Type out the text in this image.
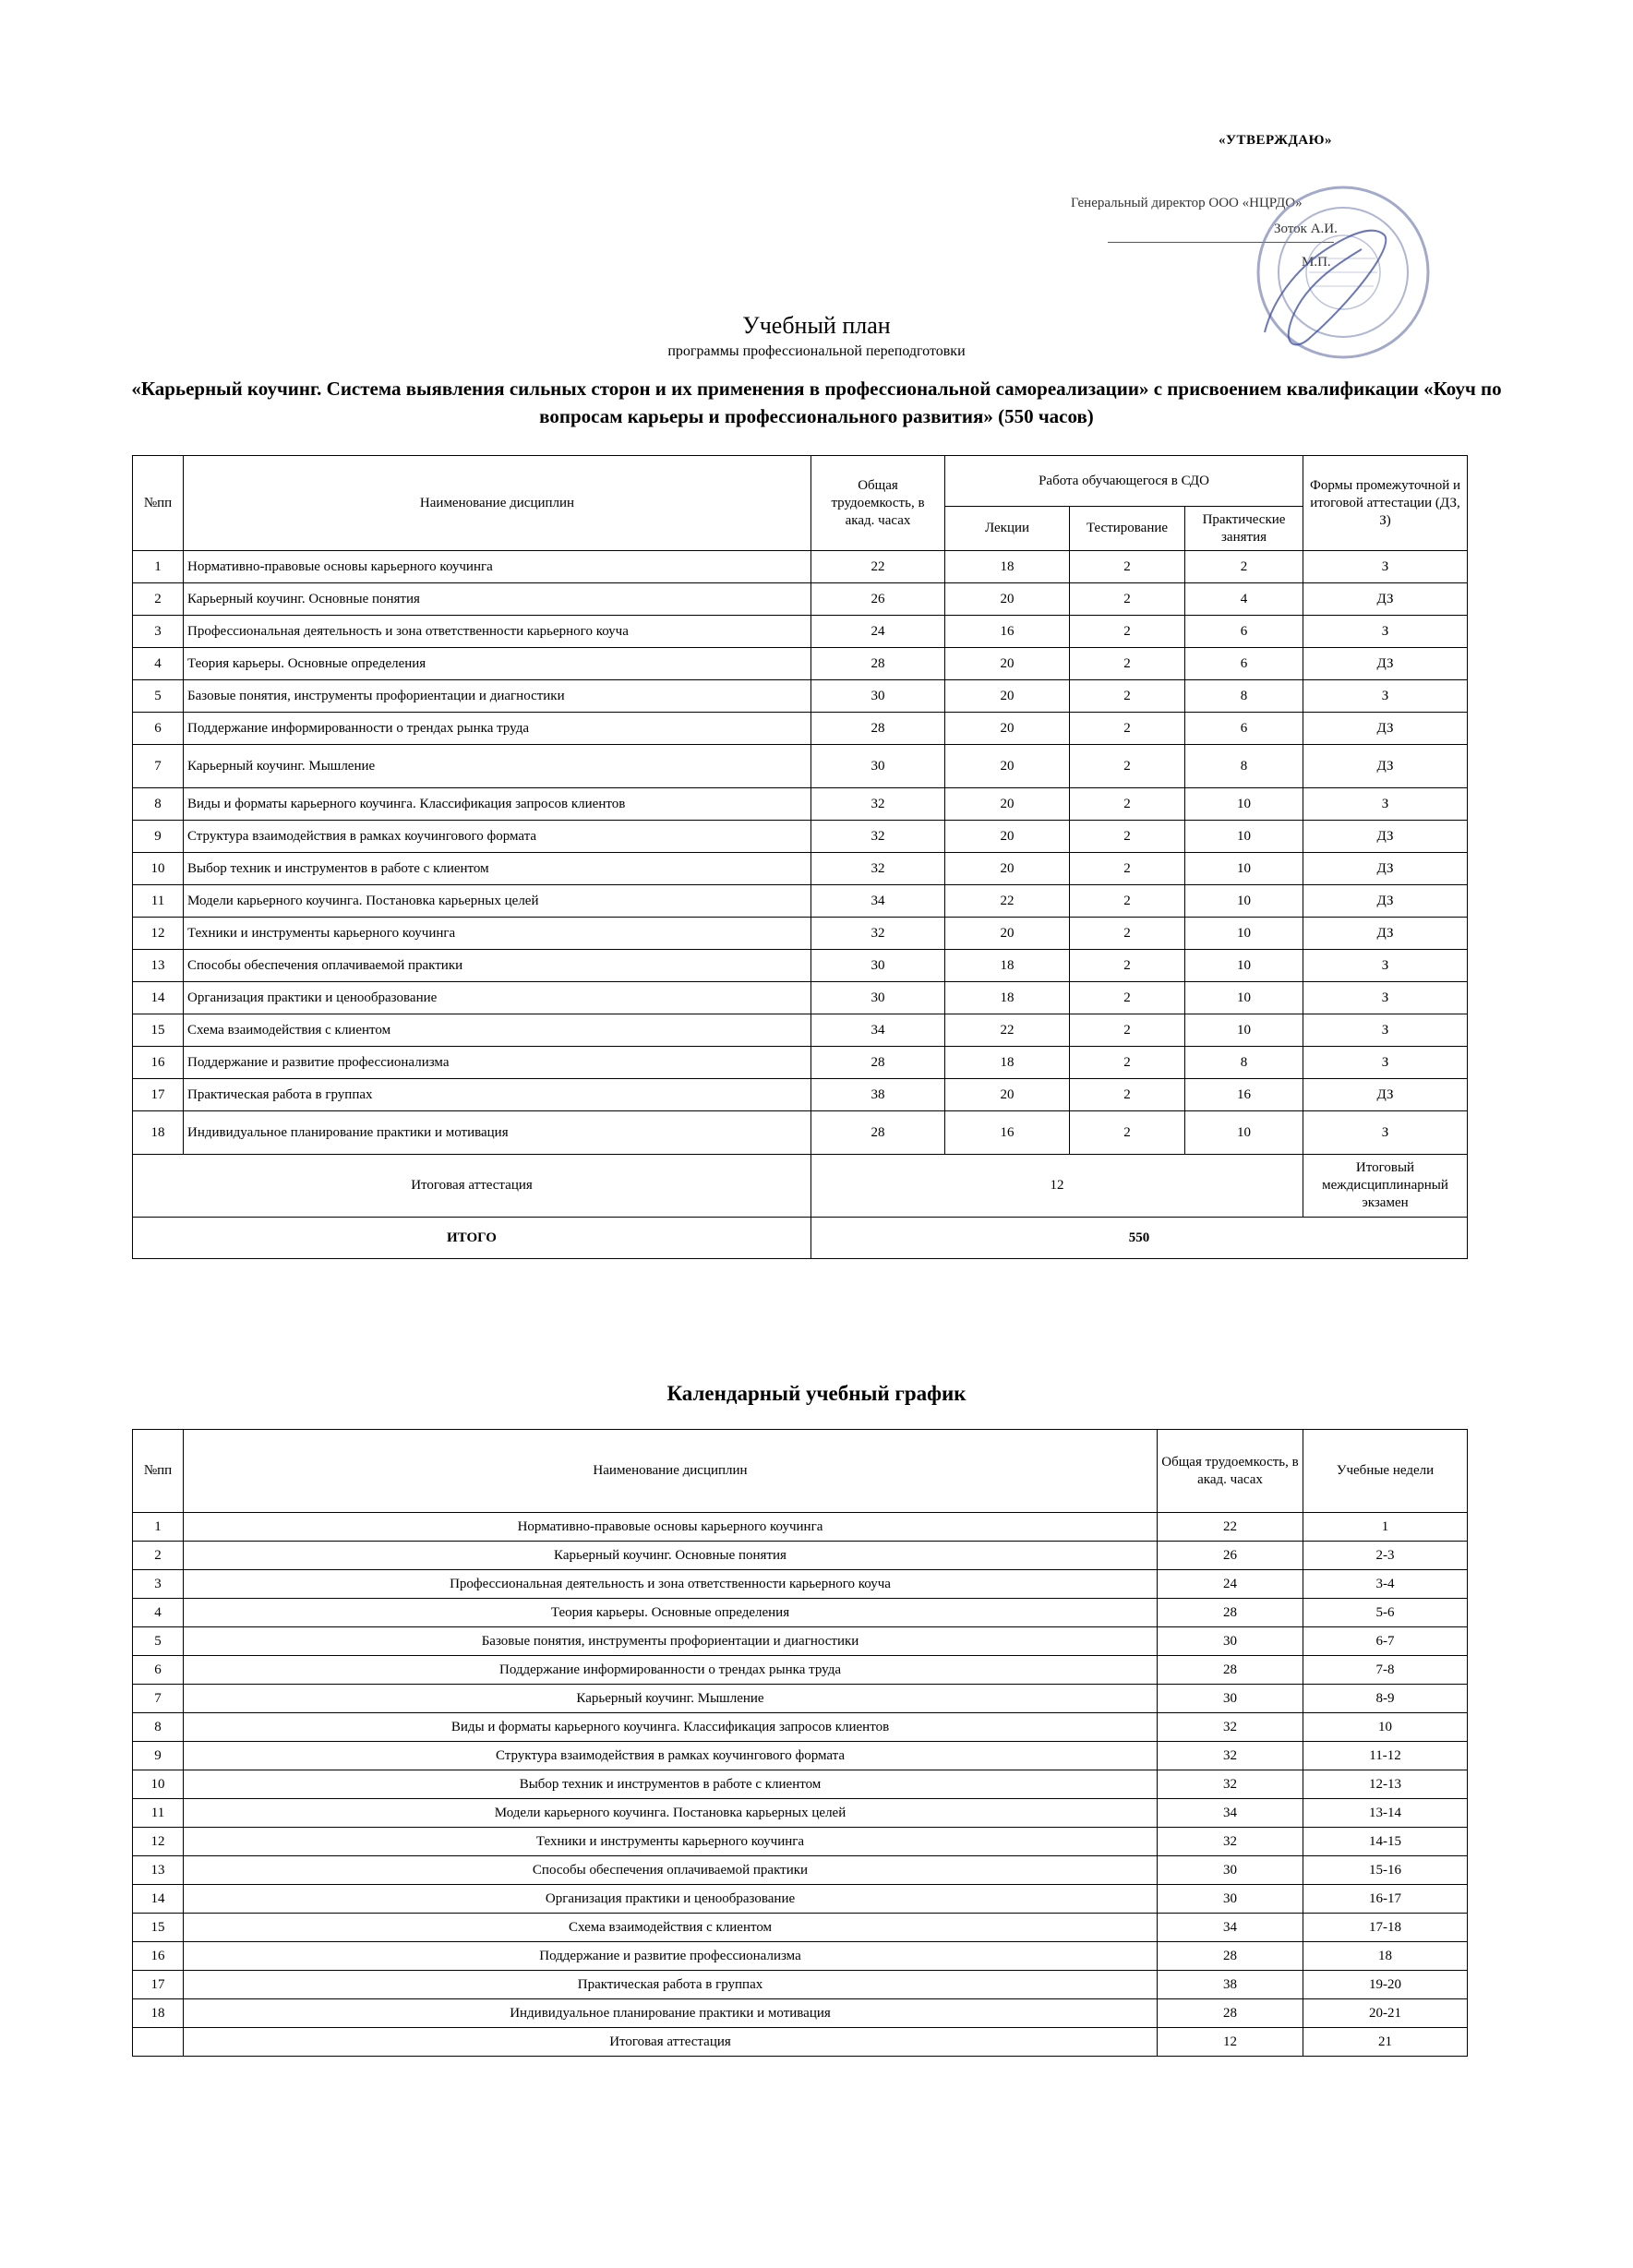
«УТВЕРЖДАЮ»
Генеральный директор ООО «НЦРДО»
Зоток А.И.
М.П.
Учебный план
программы профессиональной переподготовки
«Карьерный коучинг. Система выявления сильных сторон и их применения в профессиональной самореализации» с присвоением квалификации «Коуч по вопросам карьеры и профессионального развития» (550 часов)
№пп	Наименование дисциплин	Общая трудоемкость, в акад. часах	Работа обучающегося в СДО			Формы промежуточной и итоговой аттестации (ДЗ, З)
			Лекции	Тестирование	Практические занятия	
1	Нормативно-правовые основы карьерного коучинга	22	18	2	2	З
2	Карьерный коучинг. Основные понятия	26	20	2	4	ДЗ
3	Профессиональная деятельность и зона ответственности карьерного коуча	24	16	2	6	З
4	Теория карьеры. Основные определения	28	20	2	6	ДЗ
5	Базовые понятия, инструменты профориентации и диагностики	30	20	2	8	З
6	Поддержание информированности о трендах рынка труда	28	20	2	6	ДЗ
7	Карьерный коучинг. Мышление	30	20	2	8	ДЗ
8	Виды и форматы карьерного коучинга. Классификация запросов клиентов	32	20	2	10	З
9	Структура взаимодействия в рамках коучингового формата	32	20	2	10	ДЗ
10	Выбор техник и инструментов в работе с клиентом	32	20	2	10	ДЗ
11	Модели карьерного коучинга. Постановка карьерных целей	34	22	2	10	ДЗ
12	Техники и инструменты карьерного коучинга	32	20	2	10	ДЗ
13	Способы обеспечения оплачиваемой практики	30	18	2	10	З
14	Организация практики и ценообразование	30	18	2	10	З
15	Схема взаимодействия с клиентом	34	22	2	10	З
16	Поддержание и развитие профессионализма	28	18	2	8	З
17	Практическая работа в группах	38	20	2	16	ДЗ
18	Индивидуальное планирование практики и мотивация	28	16	2	10	З
Итоговая аттестация		12				Итоговый междисциплинарный экзамен
ИТОГО		550				
Календарный учебный график
№пп	Наименование дисциплин	Общая трудоемкость, в акад. часах	Учебные недели
1	Нормативно-правовые основы карьерного коучинга	22	1
2	Карьерный коучинг. Основные понятия	26	2-3
3	Профессиональная деятельность и зона ответственности карьерного коуча	24	3-4
4	Теория карьеры. Основные определения	28	5-6
5	Базовые понятия, инструменты профориентации и диагностики	30	6-7
6	Поддержание информированности о трендах рынка труда	28	7-8
7	Карьерный коучинг. Мышление	30	8-9
8	Виды и форматы карьерного коучинга. Классификация запросов клиентов	32	10
9	Структура взаимодействия в рамках коучингового формата	32	11-12
10	Выбор техник и инструментов в работе с клиентом	32	12-13
11	Модели карьерного коучинга. Постановка карьерных целей	34	13-14
12	Техники и инструменты карьерного коучинга	32	14-15
13	Способы обеспечения оплачиваемой практики	30	15-16
14	Организация практики и ценообразование	30	16-17
15	Схема взаимодействия с клиентом	34	17-18
16	Поддержание и развитие профессионализма	28	18
17	Практическая работа в группах	38	19-20
18	Индивидуальное планирование практики и мотивация	28	20-21
	Итоговая аттестация	12	21
